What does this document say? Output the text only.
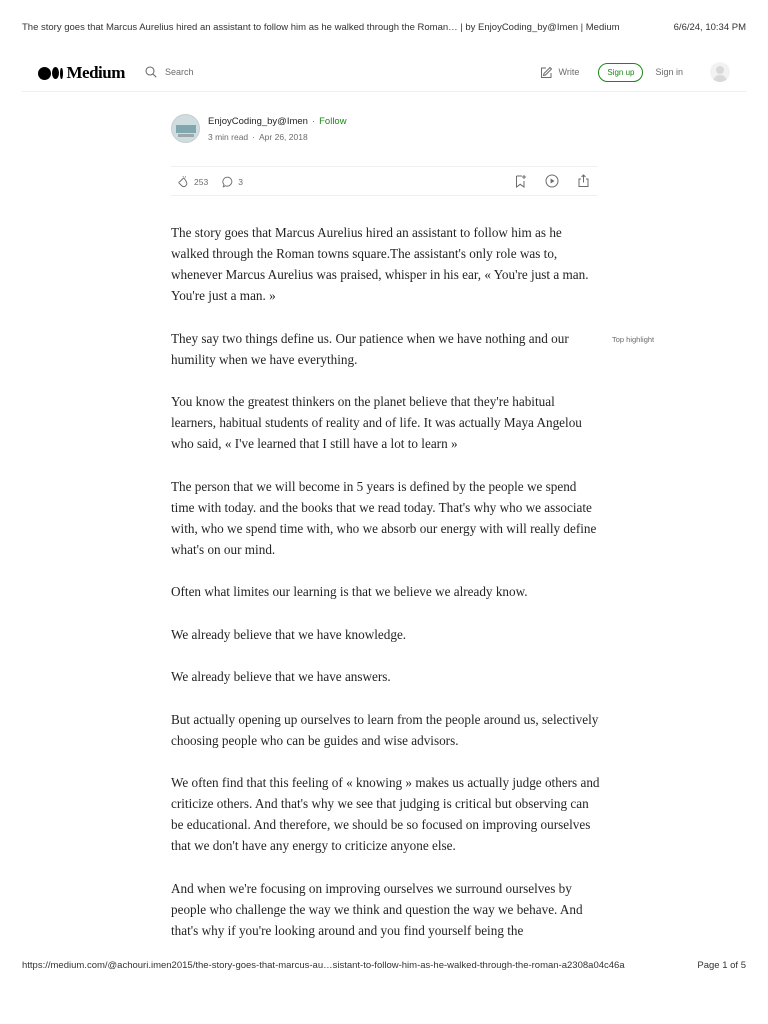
The story goes that Marcus Aurelius hired an assistant to follow him as he walked through the Roman… | by EnjoyCoding_by@Imen | Medium	6/6/24, 10:34 PM
Medium	Search	Write	Sign up	Sign in
EnjoyCoding_by@Imen · Follow
3 min read · Apr 26, 2018
253	3

The story goes that Marcus Aurelius hired an assistant to follow him as he walked through the Roman towns square.The assistant's only role was to, whenever Marcus Aurelius was praised, whisper in his ear, « You're just a man. You're just a man. »

They say two things define us. Our patience when we have nothing and our humility when we have everything.

You know the greatest thinkers on the planet believe that they're habitual learners, habitual students of reality and of life. It was actually Maya Angelou who said, « I've learned that I still have a lot to learn »

The person that we will become in 5 years is defined by the people we spend time with today. and the books that we read today. That's why who we associate with, who we spend time with, who we absorb our energy with will really define what's on our mind.

Often what limites our learning is that we believe we already know.

We already believe that we have knowledge.

We already believe that we have answers.

But actually opening up ourselves to learn from the people around us, selectively choosing people who can be guides and wise advisors.

We often find that this feeling of « knowing » makes us actually judge others and criticize others. And that's why we see that judging is critical but observing can be educational. And therefore, we should be so focused on improving ourselves that we don't have any energy to criticize anyone else.

And when we're focusing on improving ourselves we surround ourselves by people who challenge the way we think and question the way we behave. And that's why if you're looking around and you find yourself being the

Top highlight
https://medium.com/@achouri.imen2015/the-story-goes-that-marcus-au…sistant-to-follow-him-as-he-walked-through-the-roman-a2308a04c46a	Page 1 of 5
